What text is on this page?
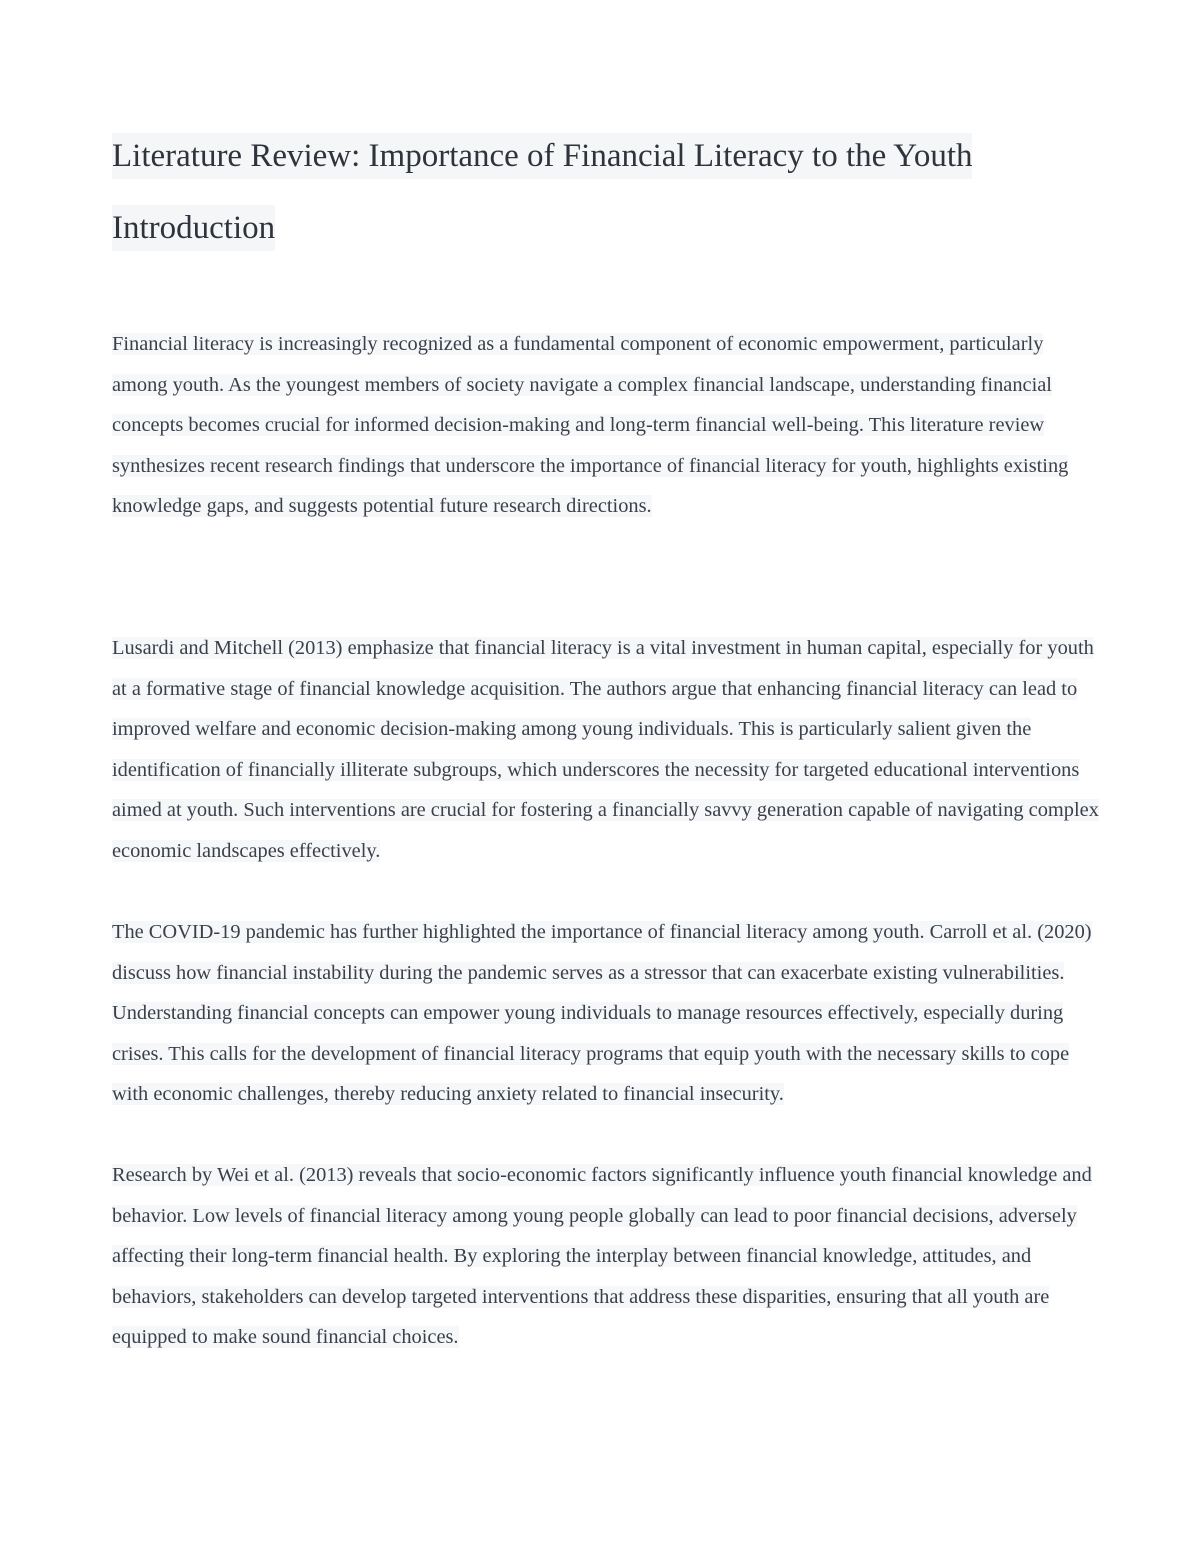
Literature Review: Importance of Financial Literacy to the Youth
Introduction

Financial literacy is increasingly recognized as a fundamental component of economic empowerment, particularly among youth. As the youngest members of society navigate a complex financial landscape, understanding financial concepts becomes crucial for informed decision-making and long-term financial well-being. This literature review synthesizes recent research findings that underscore the importance of financial literacy for youth, highlights existing knowledge gaps, and suggests potential future research directions.

Lusardi and Mitchell (2013) emphasize that financial literacy is a vital investment in human capital, especially for youth at a formative stage of financial knowledge acquisition. The authors argue that enhancing financial literacy can lead to improved welfare and economic decision-making among young individuals. This is particularly salient given the identification of financially illiterate subgroups, which underscores the necessity for targeted educational interventions aimed at youth. Such interventions are crucial for fostering a financially savvy generation capable of navigating complex economic landscapes effectively.

The COVID-19 pandemic has further highlighted the importance of financial literacy among youth. Carroll et al. (2020) discuss how financial instability during the pandemic serves as a stressor that can exacerbate existing vulnerabilities. Understanding financial concepts can empower young individuals to manage resources effectively, especially during crises. This calls for the development of financial literacy programs that equip youth with the necessary skills to cope with economic challenges, thereby reducing anxiety related to financial insecurity.

Research by Wei et al. (2013) reveals that socio-economic factors significantly influence youth financial knowledge and behavior. Low levels of financial literacy among young people globally can lead to poor financial decisions, adversely affecting their long-term financial health. By exploring the interplay between financial knowledge, attitudes, and behaviors, stakeholders can develop targeted interventions that address these disparities, ensuring that all youth are equipped to make sound financial choices.
